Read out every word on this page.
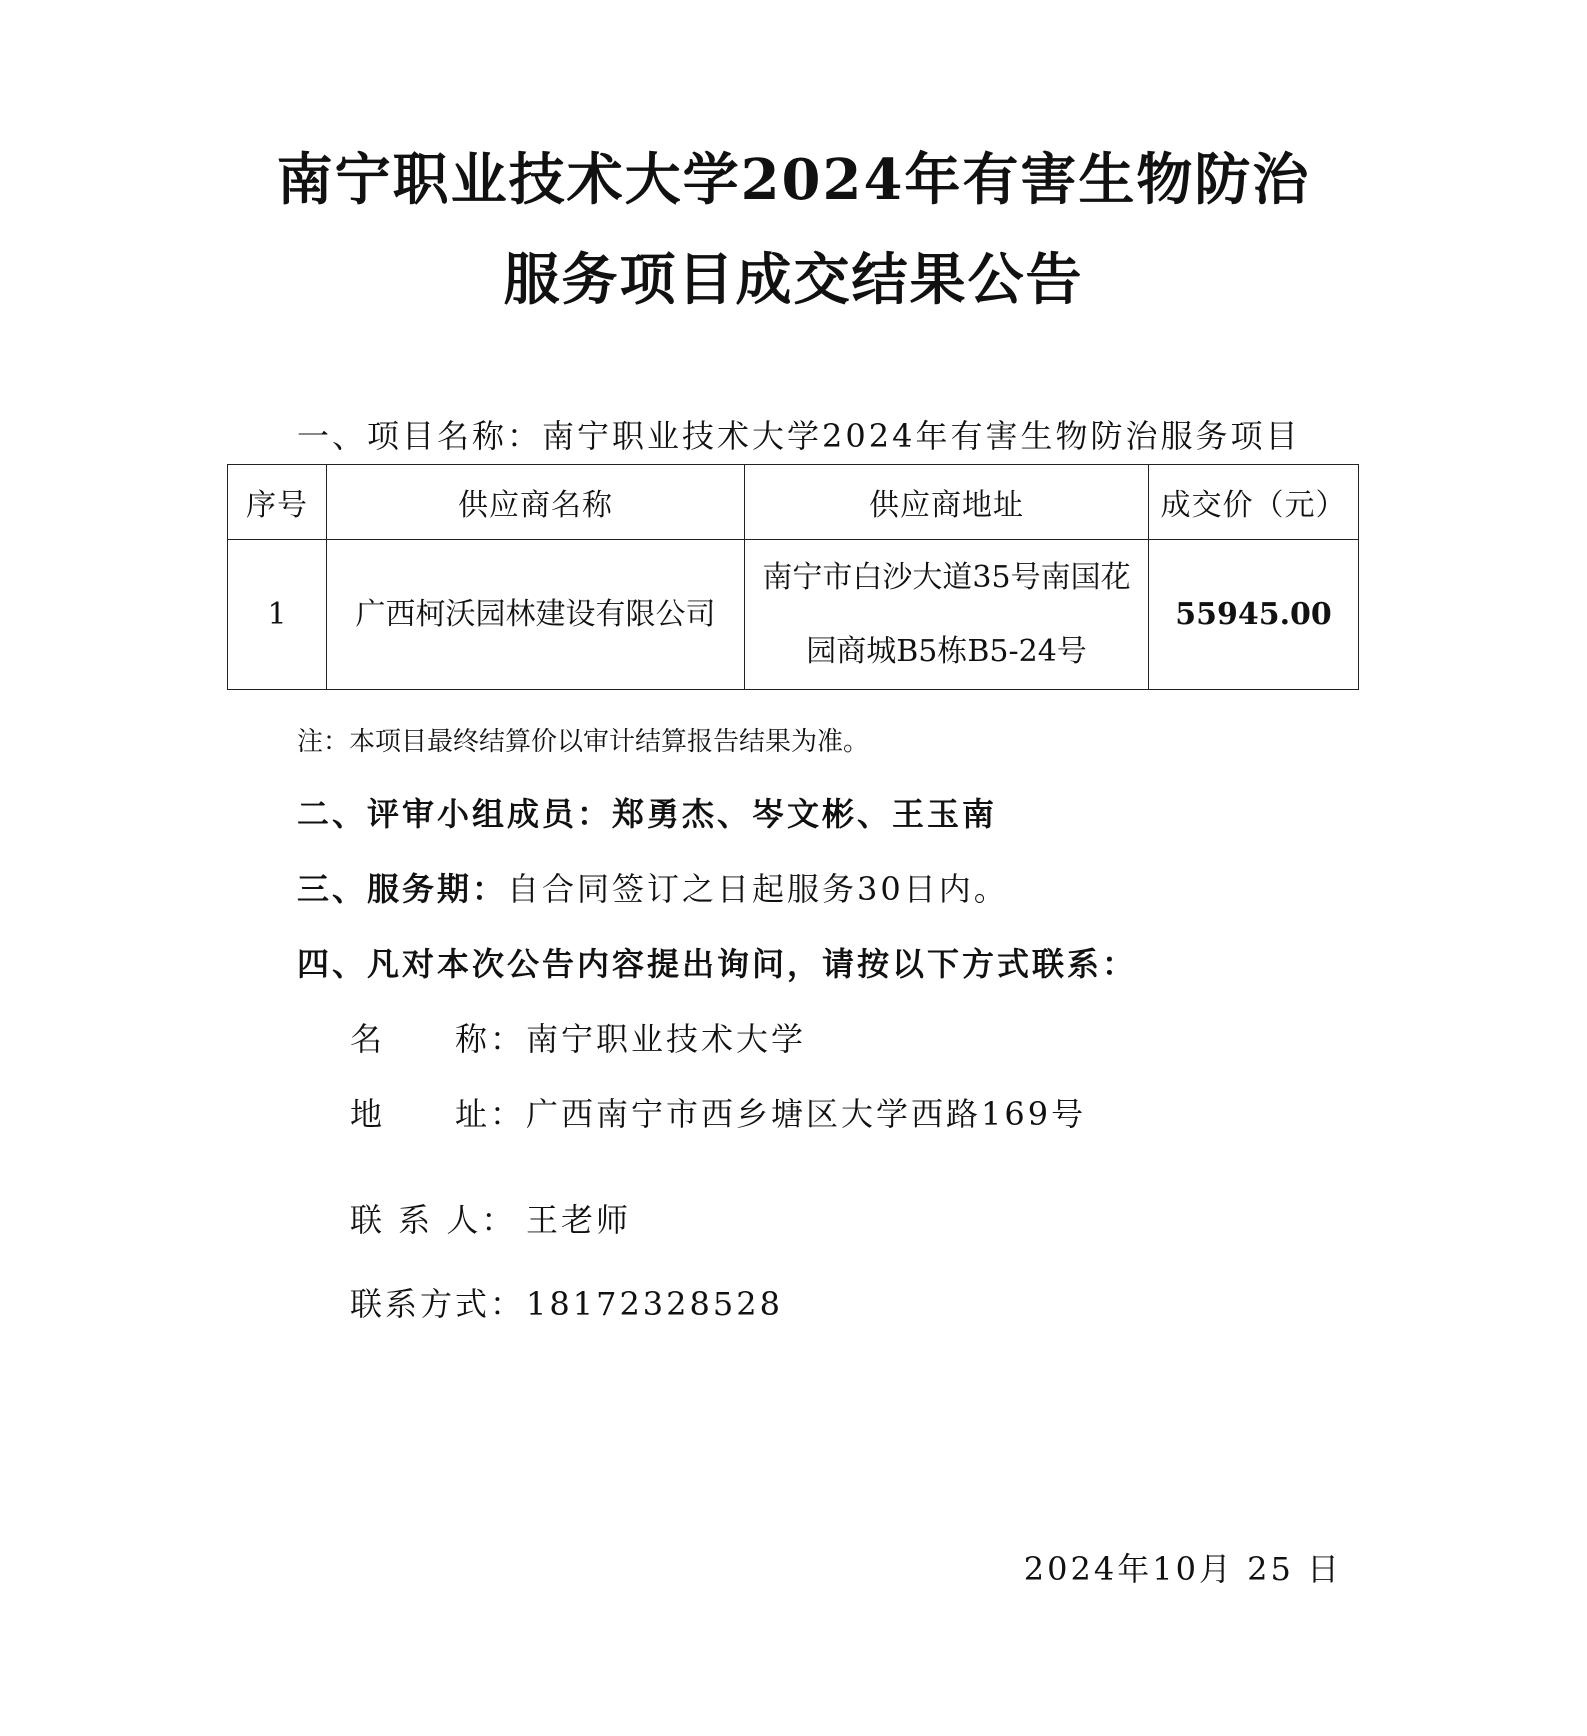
南宁职业技术大学2024年有害生物防治
服务项目成交结果公告
一、项目名称：南宁职业技术大学2024年有害生物防治服务项目
序号	供应商名称	供应商地址	成交价（元）
1	广西柯沃园林建设有限公司	南宁市白沙大道35号南国花园商城B5栋B5-24号	55945.00
注：本项目最终结算价以审计结算报告结果为准。
二、评审小组成员：郑勇杰、岑文彬、王玉南
三、服务期：自合同签订之日起服务30日内。
四、凡对本次公告内容提出询问，请按以下方式联系：
名　　称：南宁职业技术大学
地　　址：广西南宁市西乡塘区大学西路169号
联 系 人： 王老师
联系方式：18172328528
2024年10月 25 日
